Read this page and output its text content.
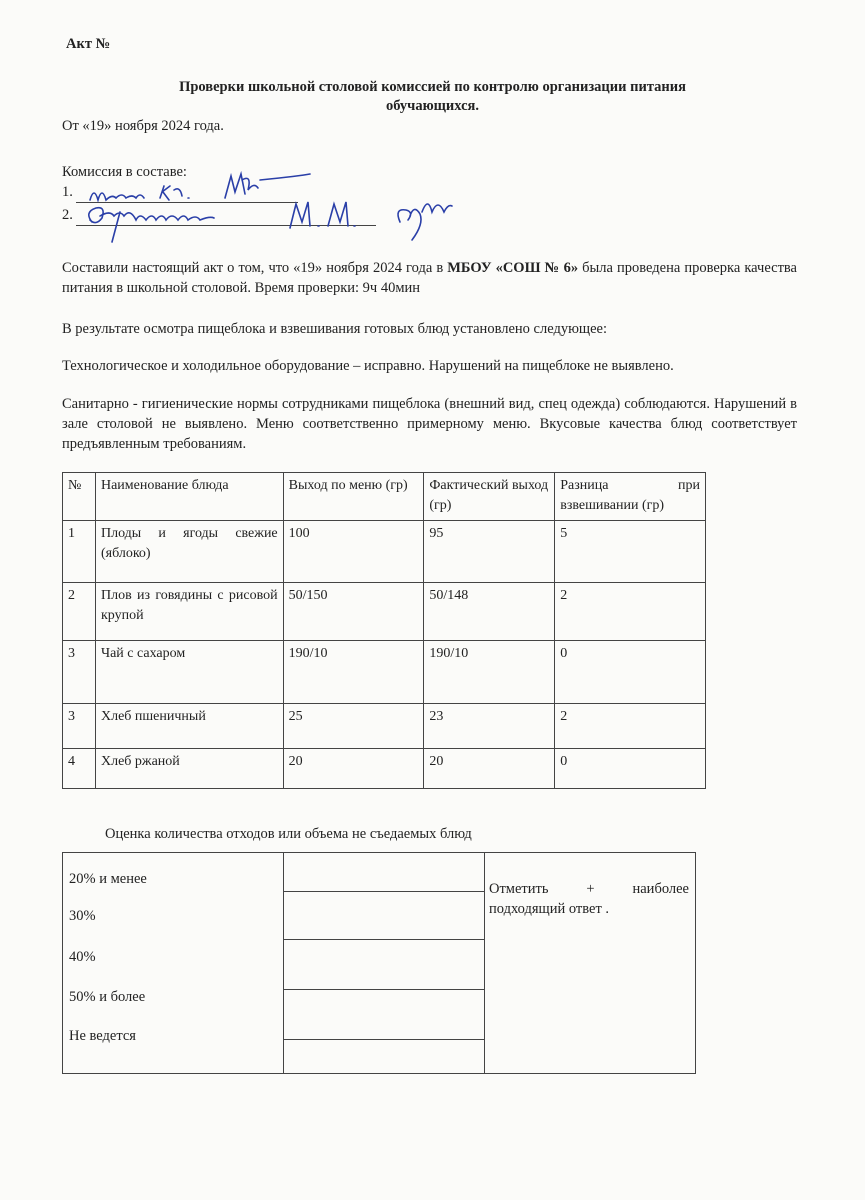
Акт №
Проверки школьной столовой комиссией по контролю организации питания
обучающихся.
От «19» ноября 2024 года.
Комиссия в составе:
1.
2.
Составили настоящий акт о том, что «19» ноября 2024 года в МБОУ «СОШ № 6» была проведена проверка качества питания в школьной столовой. Время проверки: 9ч 40мин
В результате осмотра пищеблока и взвешивания готовых блюд установлено следующее:
Технологическое и холодильное оборудование – исправно. Нарушений на пищеблоке не выявлено.
Санитарно - гигиенические нормы сотрудниками пищеблока (внешний вид, спец одежда) соблюдаются. Нарушений в зале столовой не выявлено. Меню соответственно примерному меню. Вкусовые качества блюд соответствует предъявленным требованиям.
№	Наименование блюда	Выход по меню (гр)	Фактический выход (гр)	Разница при взвешивании (гр)
1	Плоды и ягоды свежие (яблоко)	100	95	5
2	Плов из говядины с рисовой крупой	50/150	50/148	2
3	Чай с сахаром	190/10	190/10	0
3	Хлеб пшеничный	25	23	2
4	Хлеб ржаной	20	20	0
Оценка количества отходов или объема не съедаемых блюд
20% и менее
30%
40%
50% и более
Не ведется
Отметить + наиболее подходящий ответ .
